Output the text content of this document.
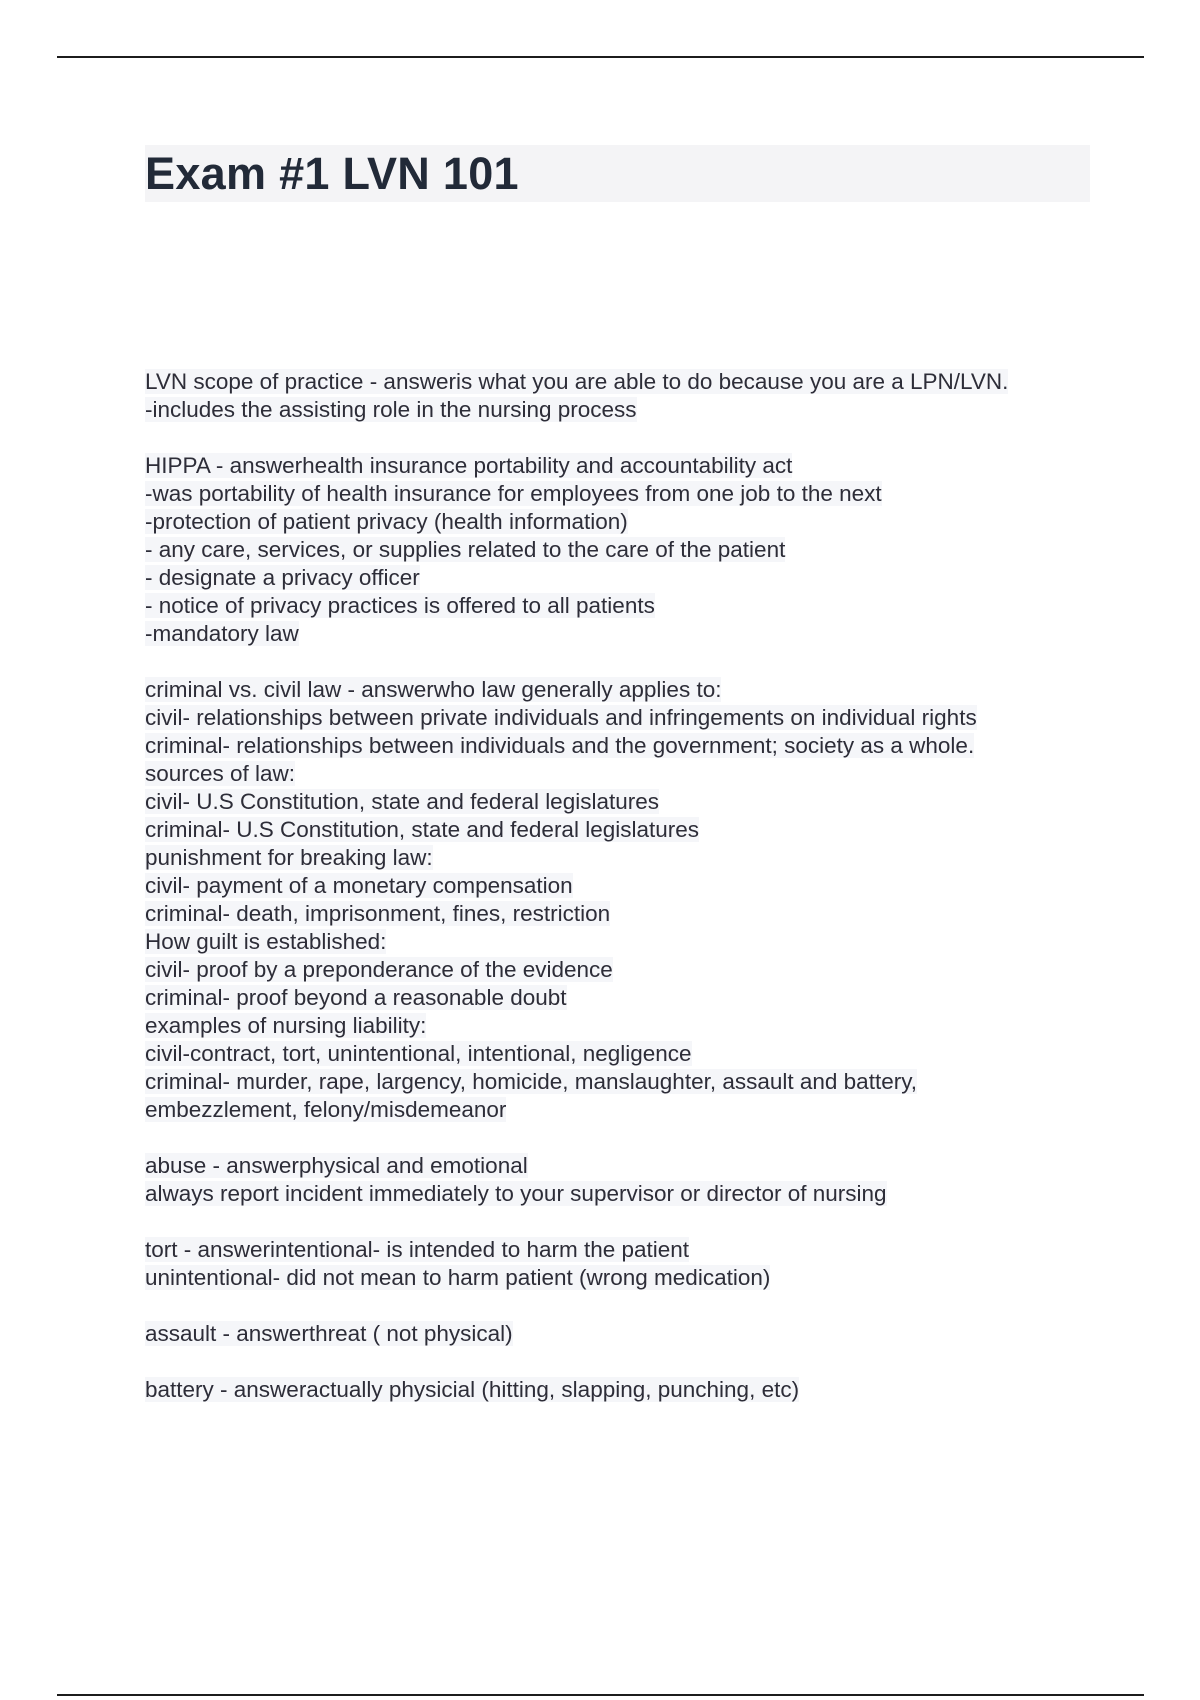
Exam #1 LVN 101
LVN scope of practice - answeris what you are able to do because you are a LPN/LVN.
-includes the assisting role in the nursing process
HIPPA - answerhealth insurance portability and accountability act
-was portability of health insurance for employees from one job to the next
-protection of patient privacy (health information)
- any care, services, or supplies related to the care of the patient
- designate a privacy officer
- notice of privacy practices is offered to all patients
-mandatory law
criminal vs. civil law - answerwho law generally applies to:
civil- relationships between private individuals and infringements on individual rights
criminal- relationships between individuals and the government; society as a whole.
sources of law:
civil- U.S Constitution, state and federal legislatures
criminal- U.S Constitution, state and federal legislatures
punishment for breaking law:
civil- payment of a monetary compensation
criminal- death, imprisonment, fines, restriction
How guilt is established:
civil- proof by a preponderance of the evidence
criminal- proof beyond a reasonable doubt
examples of nursing liability:
civil-contract, tort, unintentional, intentional, negligence
criminal- murder, rape, largency, homicide, manslaughter, assault and battery,
embezzlement, felony/misdemeanor
abuse - answerphysical and emotional
always report incident immediately to your supervisor or director of nursing
tort - answerintentional- is intended to harm the patient
unintentional- did not mean to harm patient (wrong medication)
assault - answerthreat ( not physical)
battery - answeractually physicial (hitting, slapping, punching, etc)
